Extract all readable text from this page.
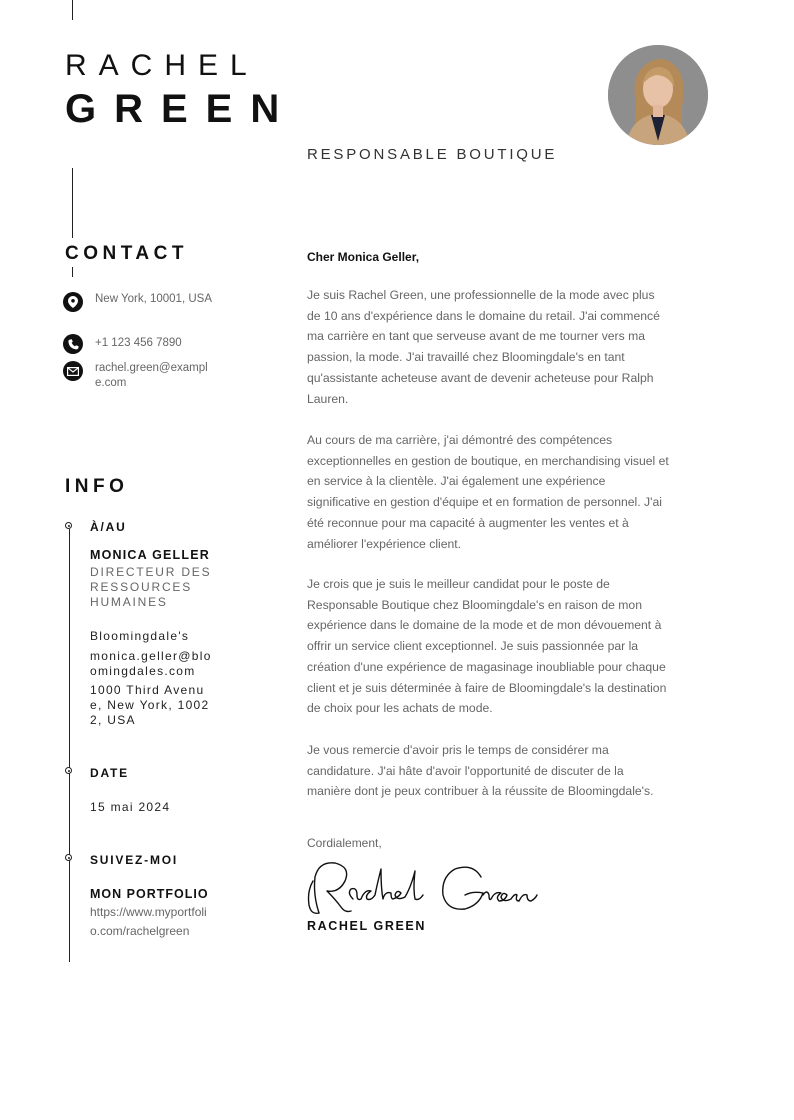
RACHEL
GREEN
RESPONSABLE BOUTIQUE
CONTACT
New York, 10001, USA
+1 123 456 7890
rachel.green@example.com
INFO
À/AU
MONICA GELLER
DIRECTEUR DES RESSOURCES HUMAINES
Bloomingdale's
monica.geller@bloomingdales.com
1000 Third Avenue, New York, 10022, USA
DATE
15 mai 2024
SUIVEZ-MOI
MON PORTFOLIO
https://www.myportfolio.com/rachelgreen
Cher Monica Geller,
Je suis Rachel Green, une professionnelle de la mode avec plus de 10 ans d'expérience dans le domaine du retail. J'ai commencé ma carrière en tant que serveuse avant de me tourner vers ma passion, la mode. J'ai travaillé chez Bloomingdale's en tant qu'assistante acheteuse avant de devenir acheteuse pour Ralph Lauren.
Au cours de ma carrière, j'ai démontré des compétences exceptionnelles en gestion de boutique, en merchandising visuel et en service à la clientèle. J'ai également une expérience significative en gestion d'équipe et en formation de personnel. J'ai été reconnue pour ma capacité à augmenter les ventes et à améliorer l'expérience client.
Je crois que je suis le meilleur candidat pour le poste de Responsable Boutique chez Bloomingdale's en raison de mon expérience dans le domaine de la mode et de mon dévouement à offrir un service client exceptionnel. Je suis passionnée par la création d'une expérience de magasinage inoubliable pour chaque client et je suis déterminée à faire de Bloomingdale's la destination de choix pour les achats de mode.
Je vous remercie d'avoir pris le temps de considérer ma candidature. J'ai hâte d'avoir l'opportunité de discuter de la manière dont je peux contribuer à la réussite de Bloomingdale's.
Cordialement,
RACHEL GREEN
